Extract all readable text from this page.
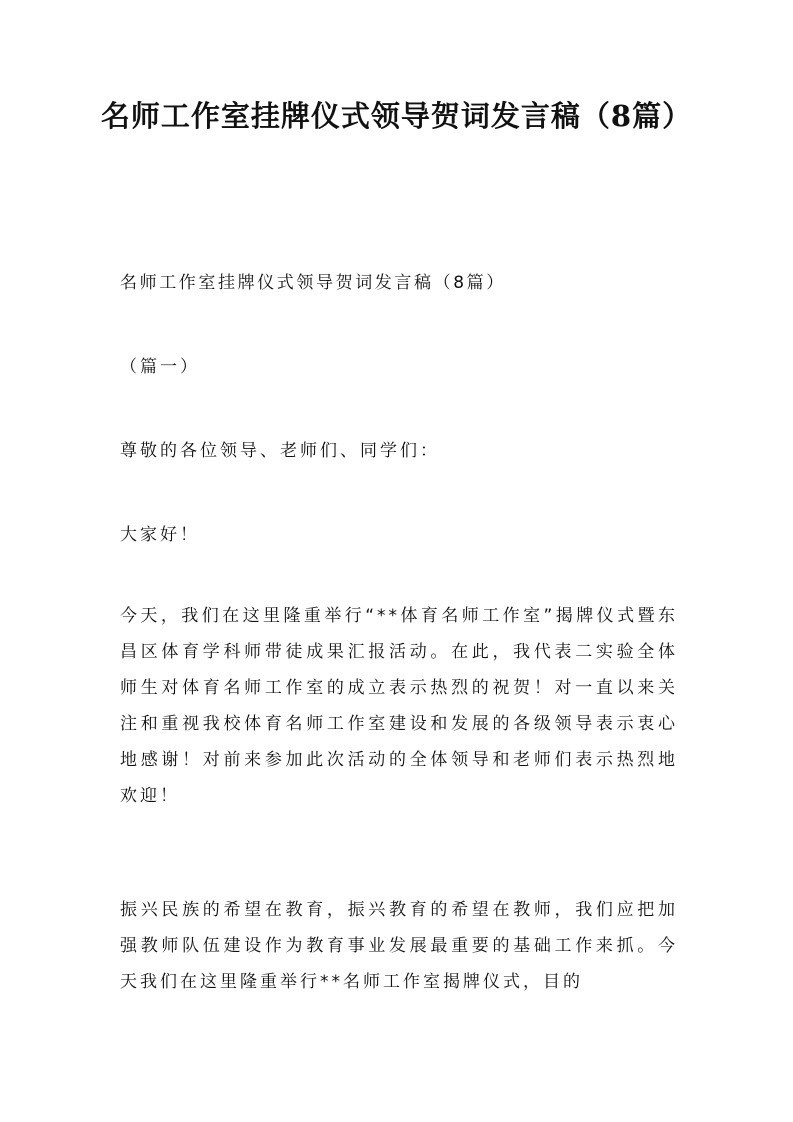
名师工作室挂牌仪式领导贺词发言稿（8篇）

名师工作室挂牌仪式领导贺词发言稿（8篇）

（篇一）

尊敬的各位领导、老师们、同学们：

大家好！

今天，我们在这里隆重举行“**体育名师工作室”揭牌仪式暨东昌区体育学科师带徒成果汇报活动。在此，我代表二实验全体师生对体育名师工作室的成立表示热烈的祝贺！对一直以来关注和重视我校体育名师工作室建设和发展的各级领导表示衷心地感谢！对前来参加此次活动的全体领导和老师们表示热烈地欢迎！

振兴民族的希望在教育，振兴教育的希望在教师，我们应把加强教师队伍建设作为教育事业发展最重要的基础工作来抓。今天我们在这里隆重举行**名师工作室揭牌仪式，目的
